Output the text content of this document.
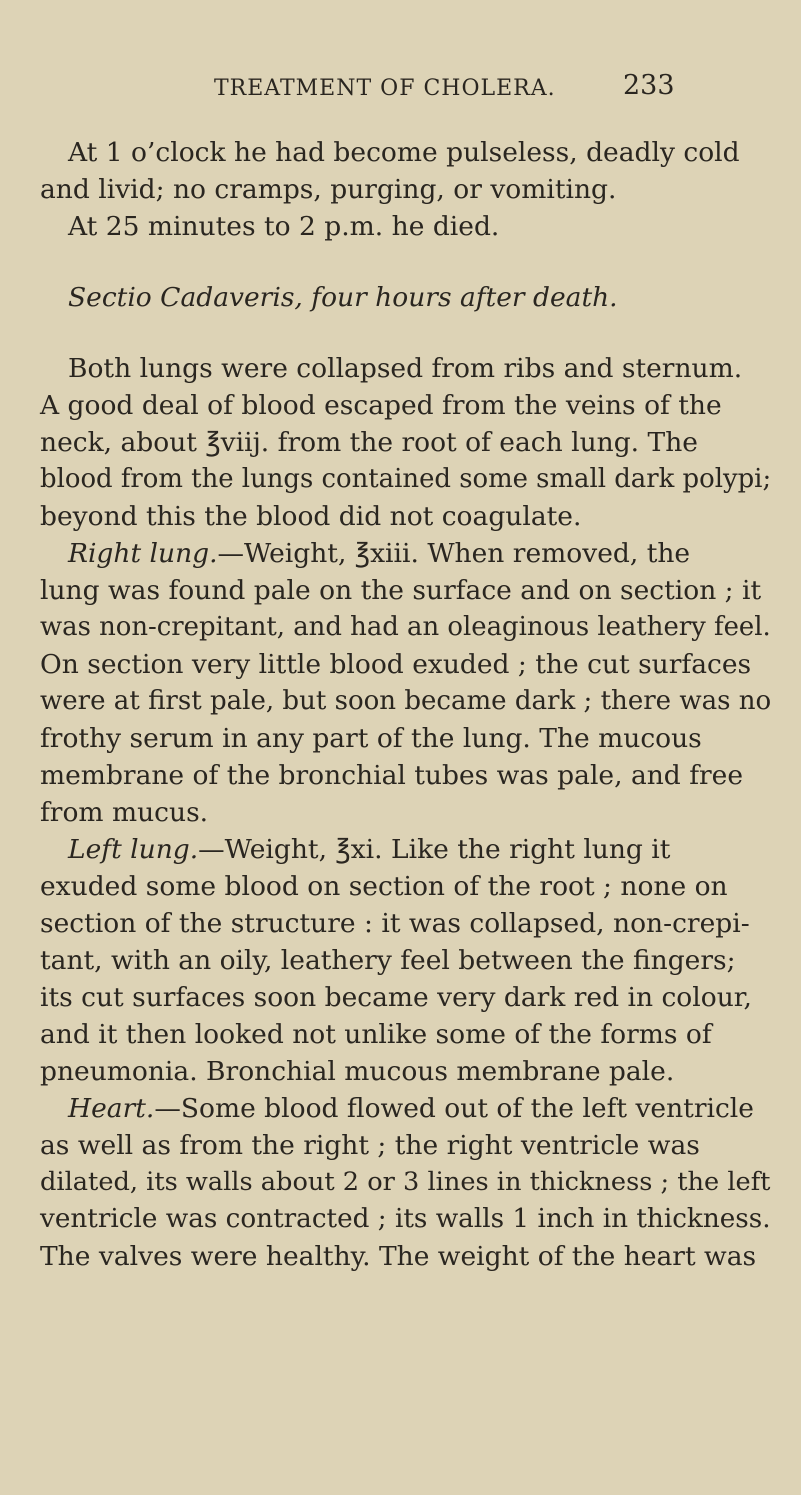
TREATMENT OF CHOLERA. 233
At 1 o’clock he had become pulseless, deadly cold
and livid; no cramps, purging, or vomiting.
At 25 minutes to 2 p.m. he died.
Sectio Cadaveris, four hours after death.
Both lungs were collapsed from ribs and sternum.
A good deal of blood escaped from the veins of the
neck, about ℥viij. from the root of each lung. The
blood from the lungs contained some small dark polypi;
beyond this the blood did not coagulate.
Right lung.—Weight, ℥xiii. When removed, the
lung was found pale on the surface and on section ; it
was non-crepitant, and had an oleaginous leathery feel.
On section very little blood exuded ; the cut surfaces
were at first pale, but soon became dark ; there was no
frothy serum in any part of the lung. The mucous
membrane of the bronchial tubes was pale, and free
from mucus.
Left lung.—Weight, ℥xi. Like the right lung it
exuded some blood on section of the root ; none on
section of the structure : it was collapsed, non-crepi-
tant, with an oily, leathery feel between the fingers;
its cut surfaces soon became very dark red in colour,
and it then looked not unlike some of the forms of
pneumonia. Bronchial mucous membrane pale.
Heart.—Some blood flowed out of the left ventricle
as well as from the right ; the right ventricle was
dilated, its walls about 2 or 3 lines in thickness ; the left
ventricle was contracted ; its walls 1 inch in thickness.
The valves were healthy. The weight of the heart was
